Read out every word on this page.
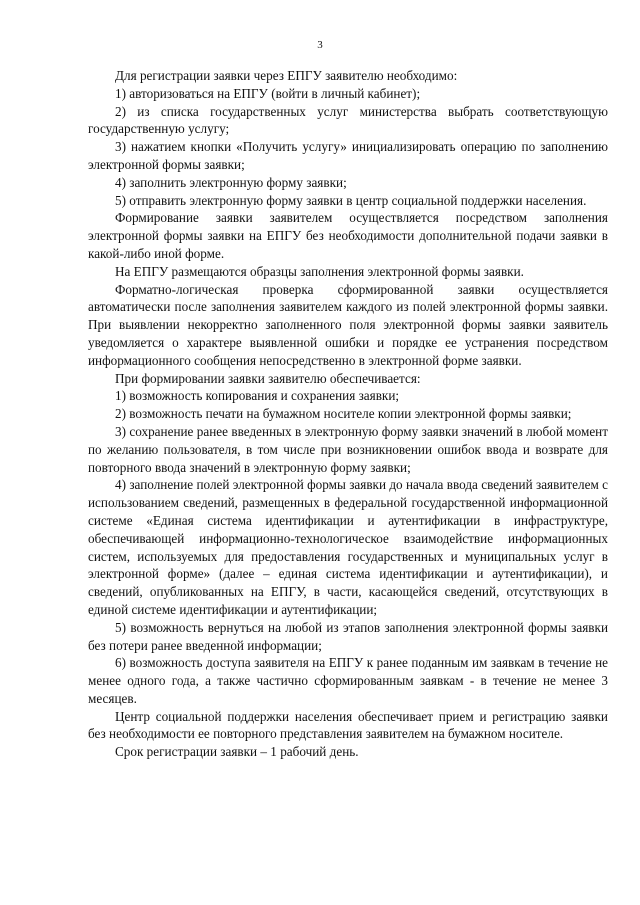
3

Для регистрации заявки через ЕПГУ заявителю необходимо:

1) авторизоваться на ЕПГУ (войти в личный кабинет);

2) из списка государственных услуг министерства выбрать соответствующую государственную услугу;

3) нажатием кнопки «Получить услугу» инициализировать операцию по заполнению электронной формы заявки;

4) заполнить электронную форму заявки;

5) отправить электронную форму заявки в центр социальной поддержки населения.

Формирование заявки заявителем осуществляется посредством заполнения электронной формы заявки на ЕПГУ без необходимости дополнительной подачи заявки в какой-либо иной форме.

На ЕПГУ размещаются образцы заполнения электронной формы заявки.

Форматно-логическая проверка сформированной заявки осуществляется автоматически после заполнения заявителем каждого из полей электронной формы заявки. При выявлении некорректно заполненного поля электронной формы заявки заявитель уведомляется о характере выявленной ошибки и порядке ее устранения посредством информационного сообщения непосредственно в электронной форме заявки.

При формировании заявки заявителю обеспечивается:

1) возможность копирования и сохранения заявки;

2) возможность печати на бумажном носителе копии электронной формы заявки;

3) сохранение ранее введенных в электронную форму заявки значений в любой момент по желанию пользователя, в том числе при возникновении ошибок ввода и возврате для повторного ввода значений в электронную форму заявки;

4) заполнение полей электронной формы заявки до начала ввода сведений заявителем с использованием сведений, размещенных в федеральной государственной информационной системе «Единая система идентификации и аутентификации в инфраструктуре, обеспечивающей информационно-технологическое взаимодействие информационных систем, используемых для предоставления государственных и муниципальных услуг в электронной форме» (далее – единая система идентификации и аутентификации), и сведений, опубликованных на ЕПГУ, в части, касающейся сведений, отсутствующих в единой системе идентификации и аутентификации;

5) возможность вернуться на любой из этапов заполнения электронной формы заявки без потери ранее введенной информации;

6) возможность доступа заявителя на ЕПГУ к ранее поданным им заявкам в течение не менее одного года, а также частично сформированным заявкам - в течение не менее 3 месяцев.

Центр социальной поддержки населения обеспечивает прием и регистрацию заявки без необходимости ее повторного представления заявителем на бумажном носителе.

Срок регистрации заявки – 1 рабочий день.
